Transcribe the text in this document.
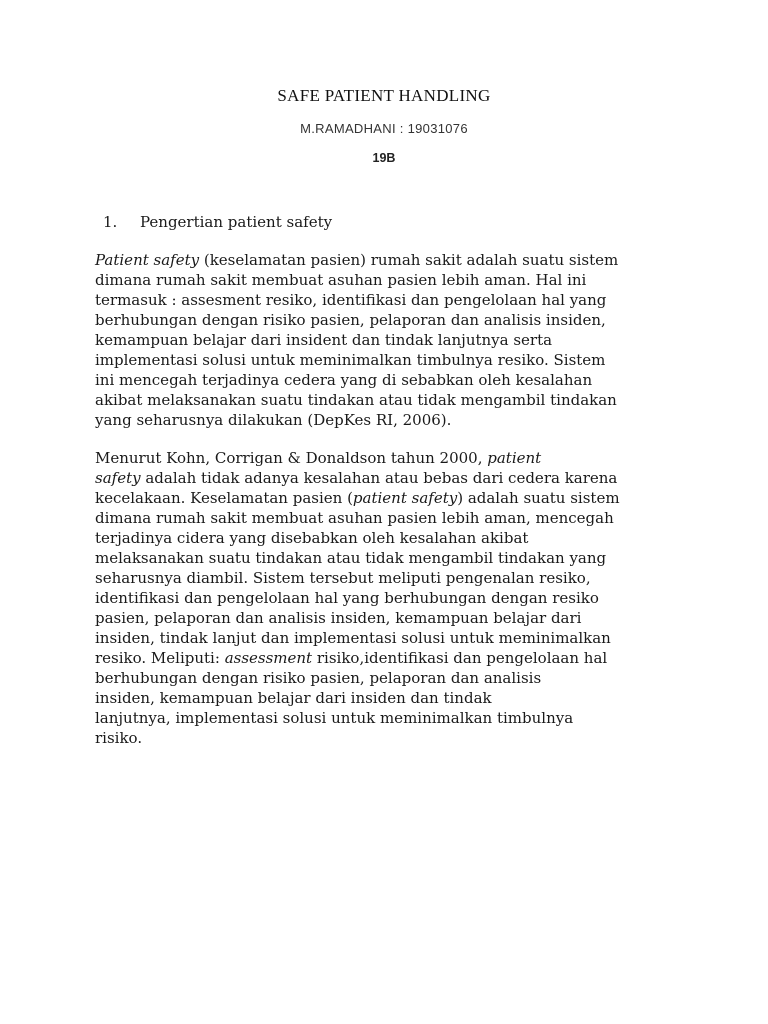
SAFE PATIENT HANDLING
M.RAMADHANI : 19031076
19B
1. Pengertian patient safety

Patient safety (keselamatan pasien) rumah sakit adalah suatu sistem
dimana rumah sakit membuat asuhan pasien lebih aman. Hal ini
termasuk : assesment resiko, identifikasi dan pengelolaan hal yang
berhubungan dengan risiko pasien, pelaporan dan analisis insiden,
kemampuan belajar dari insident dan tindak lanjutnya serta
implementasi solusi untuk meminimalkan timbulnya resiko. Sistem
ini mencegah terjadinya cedera yang di sebabkan oleh kesalahan
akibat melaksanakan suatu tindakan atau tidak mengambil tindakan
yang seharusnya dilakukan (DepKes RI, 2006).

Menurut Kohn, Corrigan & Donaldson tahun 2000, patient
safety adalah tidak adanya kesalahan atau bebas dari cedera karena
kecelakaan. Keselamatan pasien (patient safety) adalah suatu sistem
dimana rumah sakit membuat asuhan pasien lebih aman, mencegah
terjadinya cidera yang disebabkan oleh kesalahan akibat
melaksanakan suatu tindakan atau tidak mengambil tindakan yang
seharusnya diambil. Sistem tersebut meliputi pengenalan resiko,
identifikasi dan pengelolaan hal yang berhubungan dengan resiko
pasien, pelaporan dan analisis insiden, kemampuan belajar dari
insiden, tindak lanjut dan implementasi solusi untuk meminimalkan
resiko. Meliputi: assessment risiko,identifikasi dan pengelolaan hal
berhubungan dengan risiko pasien, pelaporan dan analisis
insiden, kemampuan belajar dari insiden dan tindak
lanjutnya, implementasi solusi untuk meminimalkan timbulnya
risiko.
